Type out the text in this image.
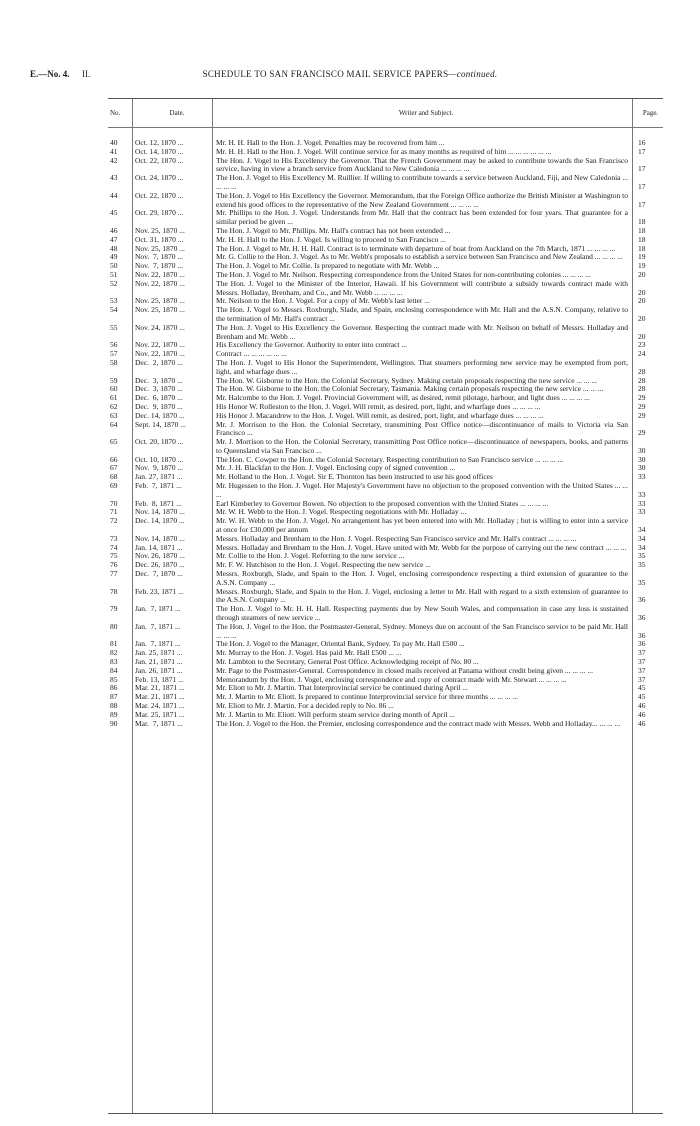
E.—No. 4. II.	SCHEDULE TO SAN FRANCISCO MAIL SERVICE PAPERS—continued.
No.	Date.	Writer and Subject.	Page.
40	Oct. 12, 1870 ...	Mr. H. H. Hall to the Hon. J. Vogel. Penalties may be recovered from him ...	16
41	Oct. 14, 1870 ...	Mr. H. H. Hall to the Hon. J. Vogel. Will continue service for as many months as required of him ... ... ... ... ... ...	17
42	Oct. 22, 1870 ...	The Hon. J. Vogel to His Excellency the Governor. That the French Government may be asked to contribute towards the San Francisco service, having in view a branch service from Auckland to New Caledonia ... ... ... ...	17
43	Oct. 24, 1870 ...	The Hon. J. Vogel to His Excellency M. Ruillier. If willing to contribute towards a service between Auckland, Fiji, and New Caledonia ... ... ... ...	17
44	Oct. 22, 1870 ...	The Hon. J. Vogel to His Excellency the Governor. Memorandum, that the Foreign Office authorize the British Minister at Washington to extend his good offices to the representative of the New Zealand Government ... ... ... ...	17
45	Oct. 29, 1870 ...	Mr. Phillips to the Hon. J. Vogel. Understands from Mr. Hall that the contract has been extended for four years. That guarantee for a similar period be given ...	18
46	Nov. 25, 1870 ...	The Hon. J. Vogel to Mr. Phillips. Mr. Hall's contract has not been extended ...	18
47	Oct. 31, 1870 ...	Mr. H. H. Hall to the Hon. J. Vogel. Is willing to proceed to San Francisco ...	18
48	Nov. 25, 1870 ...	The Hon. J. Vogel to Mr. H. H. Hall. Contract is to terminate with departure of boat from Auckland on the 7th March, 1871 ... ... ... ...	18
49	Nov.  7, 1870 ...	Mr. G. Collie to the Hon. J. Vogel. As to Mr. Webb's proposals to establish a service between San Francisco and New Zealand ... ... ... ...	19
50	Nov.  7, 1870 ...	The Hon. J. Vogel to Mr. Collie. Is prepared to negotiate with Mr. Webb ...	19
51	Nov. 22, 1870 ...	The Hon. J. Vogel to Mr. Neilson. Respecting correspondence from the United States for non-contributing colonies ... ... ... ...	20
52	Nov. 22, 1870 ...	The Hon. J. Vogel to the Minister of the Interior, Hawaii. If his Government will contribute a subsidy towards contract made with Messrs. Holladay, Brenham, and Co., and Mr. Webb ... ... ... ...	20
53	Nov. 25, 1870 ...	Mr. Neilson to the Hon. J. Vogel. For a copy of Mr. Webb's last letter ...	20
54	Nov. 25, 1870 ...	The Hon. J. Vogel to Messrs. Roxburgh, Slade, and Spain, enclosing correspondence with Mr. Hall and the A.S.N. Company, relative to the termination of Mr. Hall's contract ...	20
55	Nov. 24, 1870 ...	The Hon. J. Vogel to His Excellency the Governor. Respecting the contract made with Mr. Neilson on behalf of Messrs. Holladay and Brenham and Mr. Webb ...	20
56	Nov. 22, 1870 ...	His Excellency the Governor. Authority to enter into contract ...	23
57	Nov. 22, 1870 ...	Contract ... ... ... ... ... ...	24
58	Dec.  2, 1870 ...	The Hon. J. Vogel to His Honor the Superintendent, Wellington. That steamers performing new service may be exempted from port, light, and wharfage dues ...	28
59	Dec.  3, 1870 ...	The Hon. W. Gisborne to the Hon. the Colonial Secretary, Sydney. Making certain proposals respecting the new service ... ... ...	28
60	Dec.  3, 1870 ...	The Hon. W. Gisborne to the Hon. the Colonial Secretary, Tasmania. Making certain proposals respecting the new service ... ... ...	28
61	Dec.  6, 1870 ...	Mr. Halcombe to the Hon. J. Vogel. Provincial Government will, as desired, remit pilotage, harbour, and light dues ... ... ... ...	29
62	Dec.  9, 1870 ...	His Honor W. Rolleston to the Hon. J. Vogel. Will remit, as desired, port, light, and wharfage dues ... ... ... ...	29
63	Dec. 14, 1870 ...	His Honor J. Macandrew to the Hon. J. Vogel. Will remit, as desired, port, light, and wharfage dues ... ... ... ...	29
64	Sept. 14, 1870 ...	Mr. J. Morrison to the Hon. the Colonial Secretary, transmitting Post Office notice—discontinuance of mails to Victoria via San Francisco ...	29
65	Oct. 20, 1870 ...	Mr. J. Morrison to the Hon. the Colonial Secretary, transmitting Post Office notice—discontinuance of newspapers, books, and patterns to Queensland via San Francisco ...	30
66	Oct. 10, 1870 ...	The Hon. C. Cowper to the Hon. the Colonial Secretary. Respecting contribution to San Francisco service ... ... ... ...	30
67	Nov.  9, 1870 ...	Mr. J. H. Blackfan to the Hon. J. Vogel. Enclosing copy of signed convention ...	30
68	Jan. 27, 1871 ...	Mr. Holland to the Hon. J. Vogel. Sir E. Thornton has been instructed to use his good offices	33
69	Feb.  7, 1871 ...	Mr. Hugessen to the Hon. J. Vogel. Her Majesty's Government have no objection to the proposed convention with the United States ... ... ...	33
70	Feb.  8, 1871 ...	Earl Kimberley to Governor Bowen. No objection to the proposed convention with the United States ... ... ... ...	33
71	Nov. 14, 1870 ...	Mr. W. H. Webb to the Hon. J. Vogel. Respecting negotiations with Mr. Holladay ...	33
72	Dec. 14, 1870 ...	Mr. W. H. Webb to the Hon. J. Vogel. No arrangement has yet been entered into with Mr. Holladay ; but is willing to enter into a service at once for £30,000 per annum	34
73	Nov. 14, 1870 ...	Messrs. Holladay and Brenham to the Hon. J. Vogel. Respecting San Francisco service and Mr. Hall's contract ... ... ... ...	34
74	Jan. 14, 1871 ...	Messrs. Holladay and Brenham to the Hon. J. Vogel. Have united with Mr. Webb for the purpose of carrying out the new contract ... ... ...	34
75	Nov. 26, 1870 ...	Mr. Collie to the Hon. J. Vogel. Referring to the new service ...	35
76	Dec. 26, 1870 ...	Mr. F. W. Hutchison to the Hon. J. Vogel. Respecting the new service ...	35
77	Dec.  7, 1870 ...	Messrs. Roxburgh, Slade, and Spain to the Hon. J. Vogel, enclosing correspondence respecting a third extension of guarantee to the A.S.N. Company ...	35
78	Feb. 23, 1871 ...	Messrs. Roxburgh, Slade, and Spain to the Hon. J. Vogel, enclosing a letter to Mr. Hall with regard to a sixth extension of guarantee to the A.S.N. Company ...	36
79	Jan.  7, 1871 ...	The Hon. J. Vogel to Mr. H. H. Hall. Respecting payments due by New South Wales, and compensation in case any loss is sustained through steamers of new service ...	36
80	Jan.  7, 1871 ...	The Hon. J. Vogel to the Hon. the Postmaster-General, Sydney. Moneys due on account of the San Francisco service to be paid Mr. Hall ... ... ...	36
81	Jan.  7, 1871 ...	The Hon. J. Vogel to the Manager, Oriental Bank, Sydney. To pay Mr. Hall £500 ...	36
82	Jan. 25, 1871 ...	Mr. Murray to the Hon. J. Vogel. Has paid Mr. Hall £500 ... ...	37
83	Jan. 21, 1871 ...	Mr. Lambton to the Secretary, General Post Office. Acknowledging receipt of No. 80 ...	37
84	Jan. 26, 1871 ...	Mr. Page to the Postmaster-General. Correspondence in closed mails received at Panama without credit being given ... ... ... ...	37
85	Feb. 13, 1871 ...	Memorandum by the Hon. J. Vogel, enclosing correspondence and copy of contract made with Mr. Stewart ... ... ... ...	37
86	Mar. 21, 1871 ...	Mr. Eliott to Mr. J. Martin. That Interprovincial service be continued during April ...	45
87	Mar. 21, 1871 ...	Mr. J. Martin to Mr. Eliott. Is prepared to continue Interprovincial service for three months ... ... ... ...	45
88	Mar. 24, 1871 ...	Mr. Eliott to Mr. J. Martin. For a decided reply to No. 86 ...	46
89	Mar. 25, 1871 ...	Mr. J. Martin to Mr. Eliott. Will perform steam service during month of April ...	46
90	Mar.  7, 1871 ...	The Hon. J. Vogel to the Hon. the Premier, enclosing correspondence and the contract made with Messrs. Webb and Holladay... ... ... ...	46
